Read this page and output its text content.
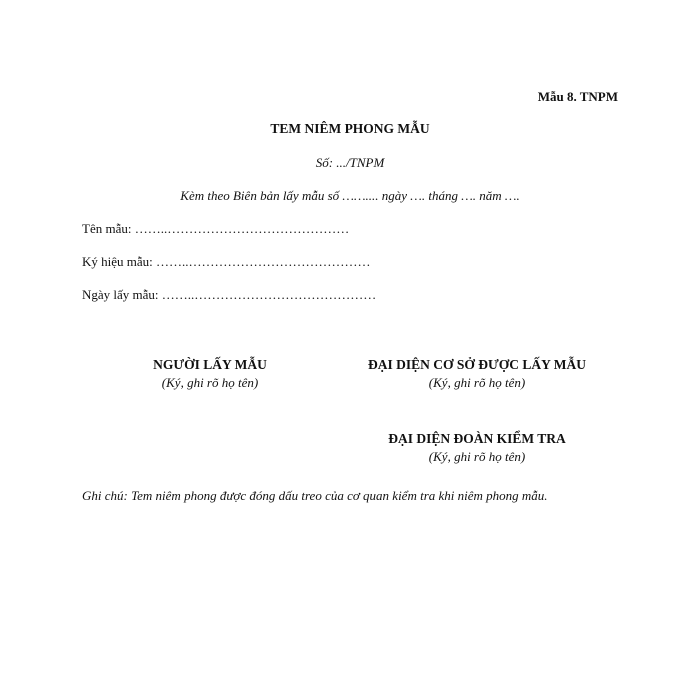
Mẫu 8. TNPM
TEM NIÊM PHONG MẪU
Số: .../TNPM
Kèm theo Biên bản lấy mẫu số …….... ngày …. tháng …. năm ….
Tên mẫu: ……..……………………………………
Ký hiệu mẫu: ……..……………………………………
Ngày lấy mẫu: ……..……………………………………
NGƯỜI LẤY MẪU
(Ký, ghi rõ họ tên)
ĐẠI DIỆN CƠ SỞ ĐƯỢC LẤY MẪU
(Ký, ghi rõ họ tên)
ĐẠI DIỆN ĐOÀN KIỂM TRA
(Ký, ghi rõ họ tên)
Ghi chú: Tem niêm phong được đóng dấu treo của cơ quan kiểm tra khi niêm phong mẫu.
